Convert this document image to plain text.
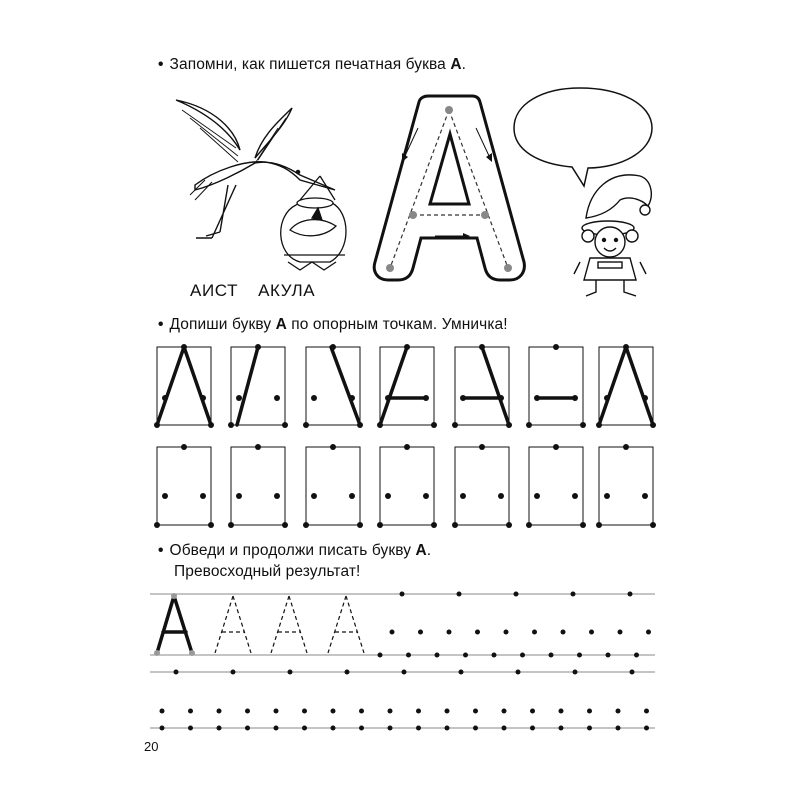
• Запомни, как пишется печатная буква А.
• Допиши букву А по опорным точкам. Умничка!
• Обведи и продолжи писать букву А.
Превосходный результат!
АИСТ АКУЛА
20
